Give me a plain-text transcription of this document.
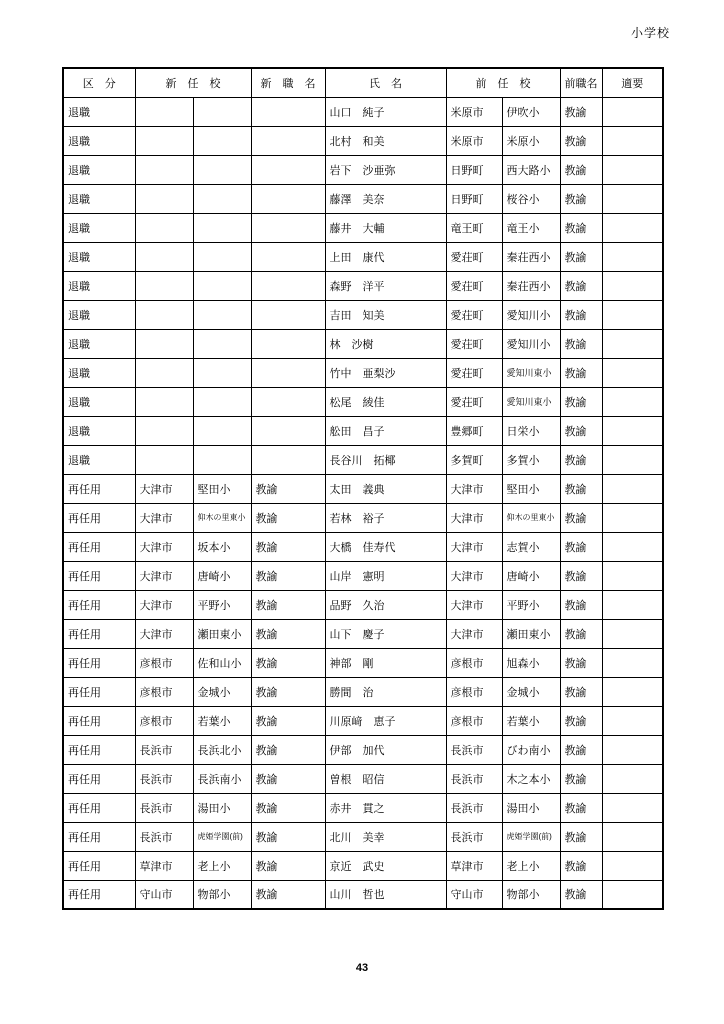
小学校
区　分	新　任　校		新　職　名	氏　名	前　任　校		前職名	適要
退職				山口　純子	米原市	伊吹小	教諭	
退職				北村　和美	米原市	米原小	教諭	
退職				岩下　沙亜弥	日野町	西大路小	教諭	
退職				藤澤　美奈	日野町	桜谷小	教諭	
退職				藤井　大輔	竜王町	竜王小	教諭	
退職				上田　康代	愛荘町	秦荘西小	教諭	
退職				森野　洋平	愛荘町	秦荘西小	教諭	
退職				吉田　知美	愛荘町	愛知川小	教諭	
退職				林　沙樹	愛荘町	愛知川小	教諭	
退職				竹中　亜梨沙	愛荘町	愛知川東小	教諭	
退職				松尾　綾佳	愛荘町	愛知川東小	教諭	
退職				舩田　昌子	豊郷町	日栄小	教諭	
退職				長谷川　拓椰	多賀町	多賀小	教諭	
再任用	大津市	堅田小	教諭	太田　義典	大津市	堅田小	教諭	
再任用	大津市	仰木の里東小	教諭	若林　裕子	大津市	仰木の里東小	教諭	
再任用	大津市	坂本小	教諭	大橋　佳寿代	大津市	志賀小	教諭	
再任用	大津市	唐崎小	教諭	山岸　憲明	大津市	唐崎小	教諭	
再任用	大津市	平野小	教諭	品野　久治	大津市	平野小	教諭	
再任用	大津市	瀬田東小	教諭	山下　慶子	大津市	瀬田東小	教諭	
再任用	彦根市	佐和山小	教諭	神部　剛	彦根市	旭森小	教諭	
再任用	彦根市	金城小	教諭	勝間　治	彦根市	金城小	教諭	
再任用	彦根市	若葉小	教諭	川原﨑　恵子	彦根市	若葉小	教諭	
再任用	長浜市	長浜北小	教諭	伊部　加代	長浜市	びわ南小	教諭	
再任用	長浜市	長浜南小	教諭	曽根　昭信	長浜市	木之本小	教諭	
再任用	長浜市	湯田小	教諭	赤井　貫之	長浜市	湯田小	教諭	
再任用	長浜市	虎姫学園(前)	教諭	北川　美幸	長浜市	虎姫学園(前)	教諭	
再任用	草津市	老上小	教諭	京近　武史	草津市	老上小	教諭	
再任用	守山市	物部小	教諭	山川　哲也	守山市	物部小	教諭	
43
